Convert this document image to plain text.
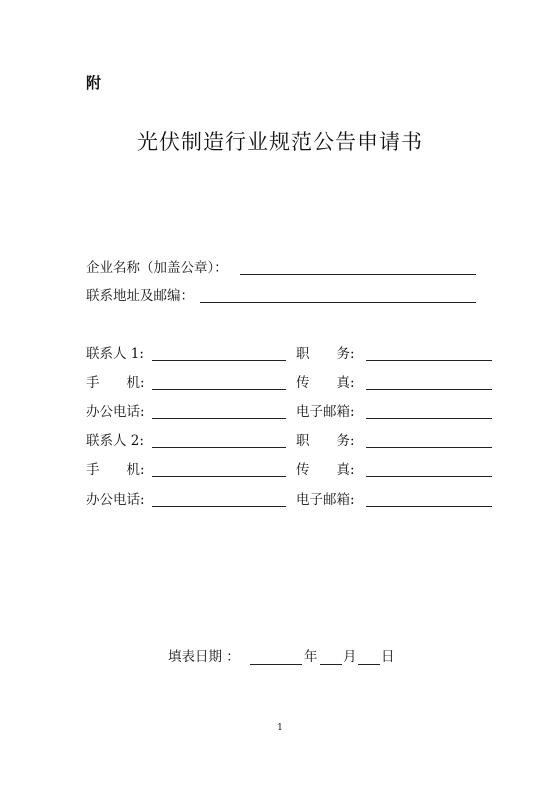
附
光伏制造行业规范公告申请书
企业名称（加盖公章）：
联系地址及邮编：
联系人 1:	职　　务:
手　　机:	传　　真:
办公电话:	电子邮箱:
联系人 2:	职　　务:
手　　机:	传　　真:
办公电话:	电子邮箱:
填表日期 ：	年 月 日
1
